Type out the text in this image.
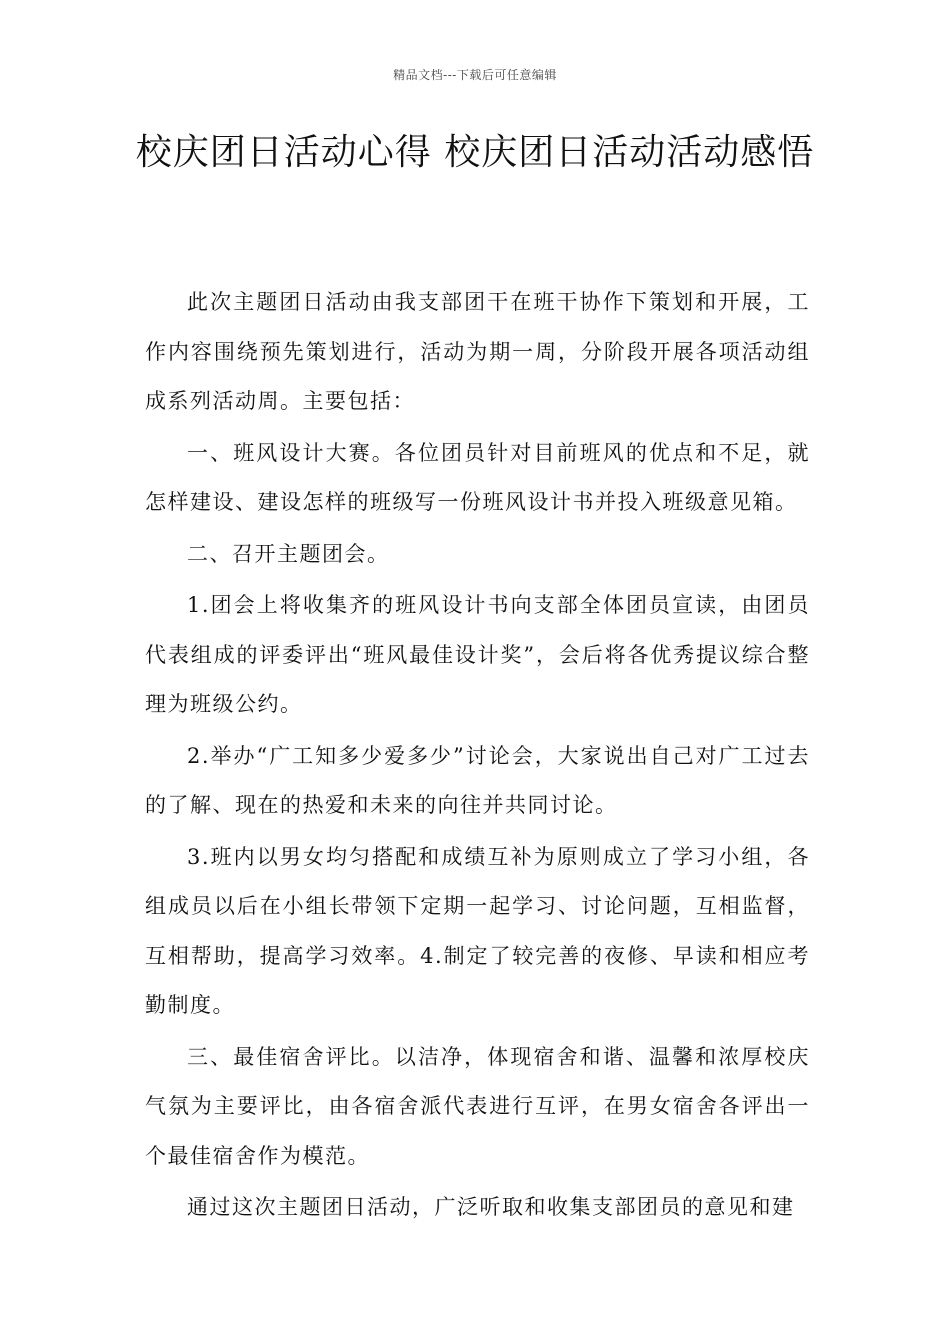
精品文档---下载后可任意编辑
校庆团日活动心得 校庆团日活动活动感悟

此次主题团日活动由我支部团干在班干协作下策划和开展，工作内容围绕预先策划进行，活动为期一周，分阶段开展各项活动组成系列活动周。主要包括：

一、班风设计大赛。各位团员针对目前班风的优点和不足，就怎样建设、建设怎样的班级写一份班风设计书并投入班级意见箱。

二、召开主题团会。

1.团会上将收集齐的班风设计书向支部全体团员宣读，由团员代表组成的评委评出“班风最佳设计奖”，会后将各优秀提议综合整理为班级公约。

2.举办“广工知多少爱多少”讨论会，大家说出自己对广工过去的了解、现在的热爱和未来的向往并共同讨论。

3.班内以男女均匀搭配和成绩互补为原则成立了学习小组，各组成员以后在小组长带领下定期一起学习、讨论问题，互相监督，互相帮助，提高学习效率。4.制定了较完善的夜修、早读和相应考勤制度。

三、最佳宿舍评比。以洁净，体现宿舍和谐、温馨和浓厚校庆气氛为主要评比，由各宿舍派代表进行互评，在男女宿舍各评出一个最佳宿舍作为模范。

通过这次主题团日活动，广泛听取和收集支部团员的意见和建
